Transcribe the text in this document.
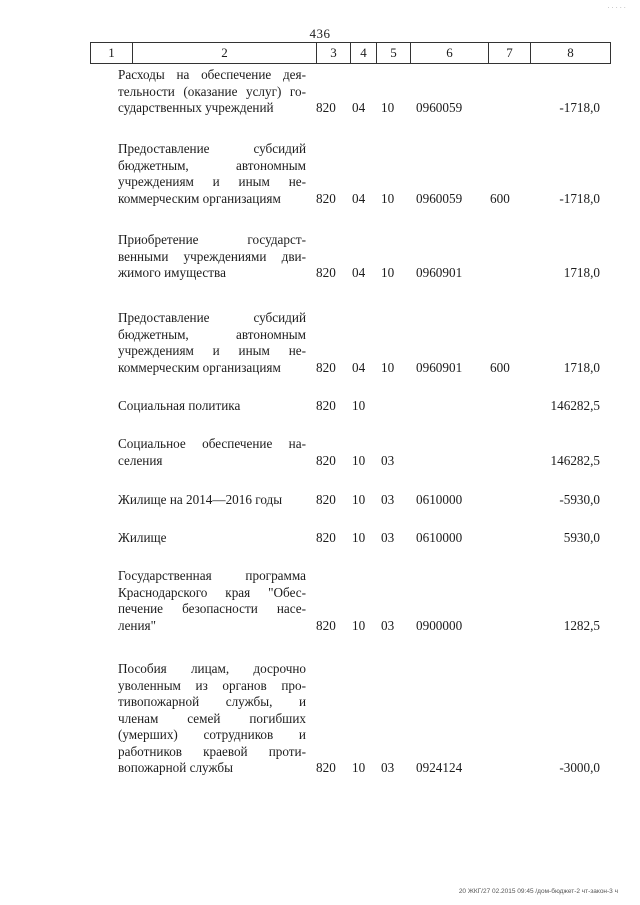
· · · · ·
436
1	2	3	4	5	6	7	8
Расходы на обеспечение дея-
тельности (оказание услуг) го-
сударственных учреждений	820 04 10 0960059	-1718,0
Предоставление субсидий
бюджетным, автономным
учреждениям и иным не-
коммерческим организациям	820 04 10 0960059 600	-1718,0
Приобретение государст-
венными учреждениями дви-
жимого имущества	820 04 10 0960901	1718,0
Предоставление субсидий
бюджетным, автономным
учреждениям и иным не-
коммерческим организациям	820 04 10 0960901 600	1718,0
Социальная политика	820 10	146282,5
Социальное обеспечение на-
селения	820 10 03	146282,5
Жилище на 2014—2016 годы	820 10 03 0610000	-5930,0
Жилище	820 10 03 0610000	5930,0
Государственная программа
Краснодарского края "Обес-
печение безопасности насе-
ления"	820 10 03 0900000	1282,5
Пособия лицам, досрочно
уволенным из органов про-
тивопожарной службы, и
членам семей погибших
(умерших) сотрудников и
работников краевой проти-
вопожарной службы	820 10 03 0924124	-3000,0
20 ЖКГ/27 02.2015 09:45 /дом-бюджет-2 чт-закон-3 ч
